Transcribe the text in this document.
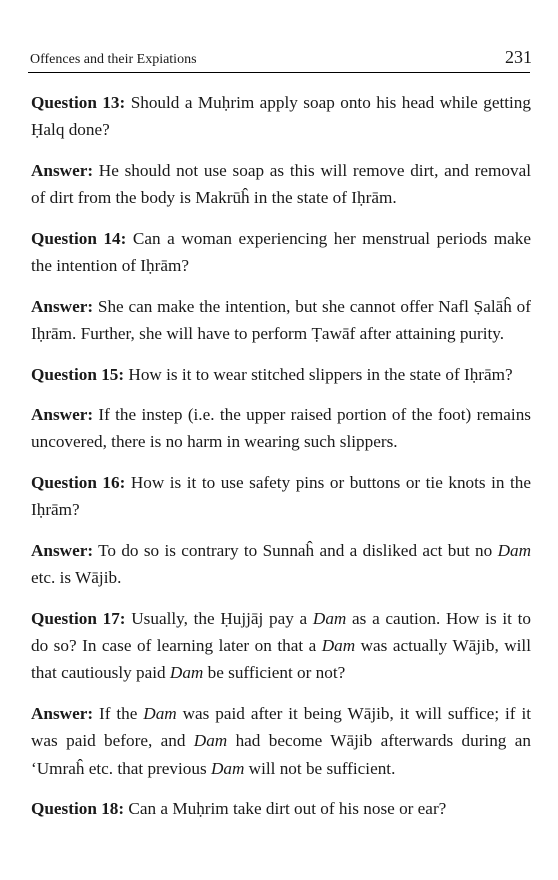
Offences and their Expiations	231

Question 13: Should a Muḥrim apply soap onto his head while getting Ḥalq done?

Answer: He should not use soap as this will remove dirt, and removal of dirt from the body is Makrūĥ in the state of Iḥrām.

Question 14: Can a woman experiencing her menstrual periods make the intention of Iḥrām?

Answer: She can make the intention, but she cannot offer Nafl Ṣalāĥ of Iḥrām. Further, she will have to perform Ṭawāf after attaining purity.

Question 15: How is it to wear stitched slippers in the state of Iḥrām?

Answer: If the instep (i.e. the upper raised portion of the foot) remains uncovered, there is no harm in wearing such slippers.

Question 16: How is it to use safety pins or buttons or tie knots in the Iḥrām?

Answer: To do so is contrary to Sunnaĥ and a disliked act but no Dam etc. is Wājib.

Question 17: Usually, the Ḥujjāj pay a Dam as a caution. How is it to do so? In case of learning later on that a Dam was actually Wājib, will that cautiously paid Dam be sufficient or not?

Answer: If the Dam was paid after it being Wājib, it will suffice; if it was paid before, and Dam had become Wājib afterwards during an ‘Umraĥ etc. that previous Dam will not be sufficient.

Question 18: Can a Muḥrim take dirt out of his nose or ear?
